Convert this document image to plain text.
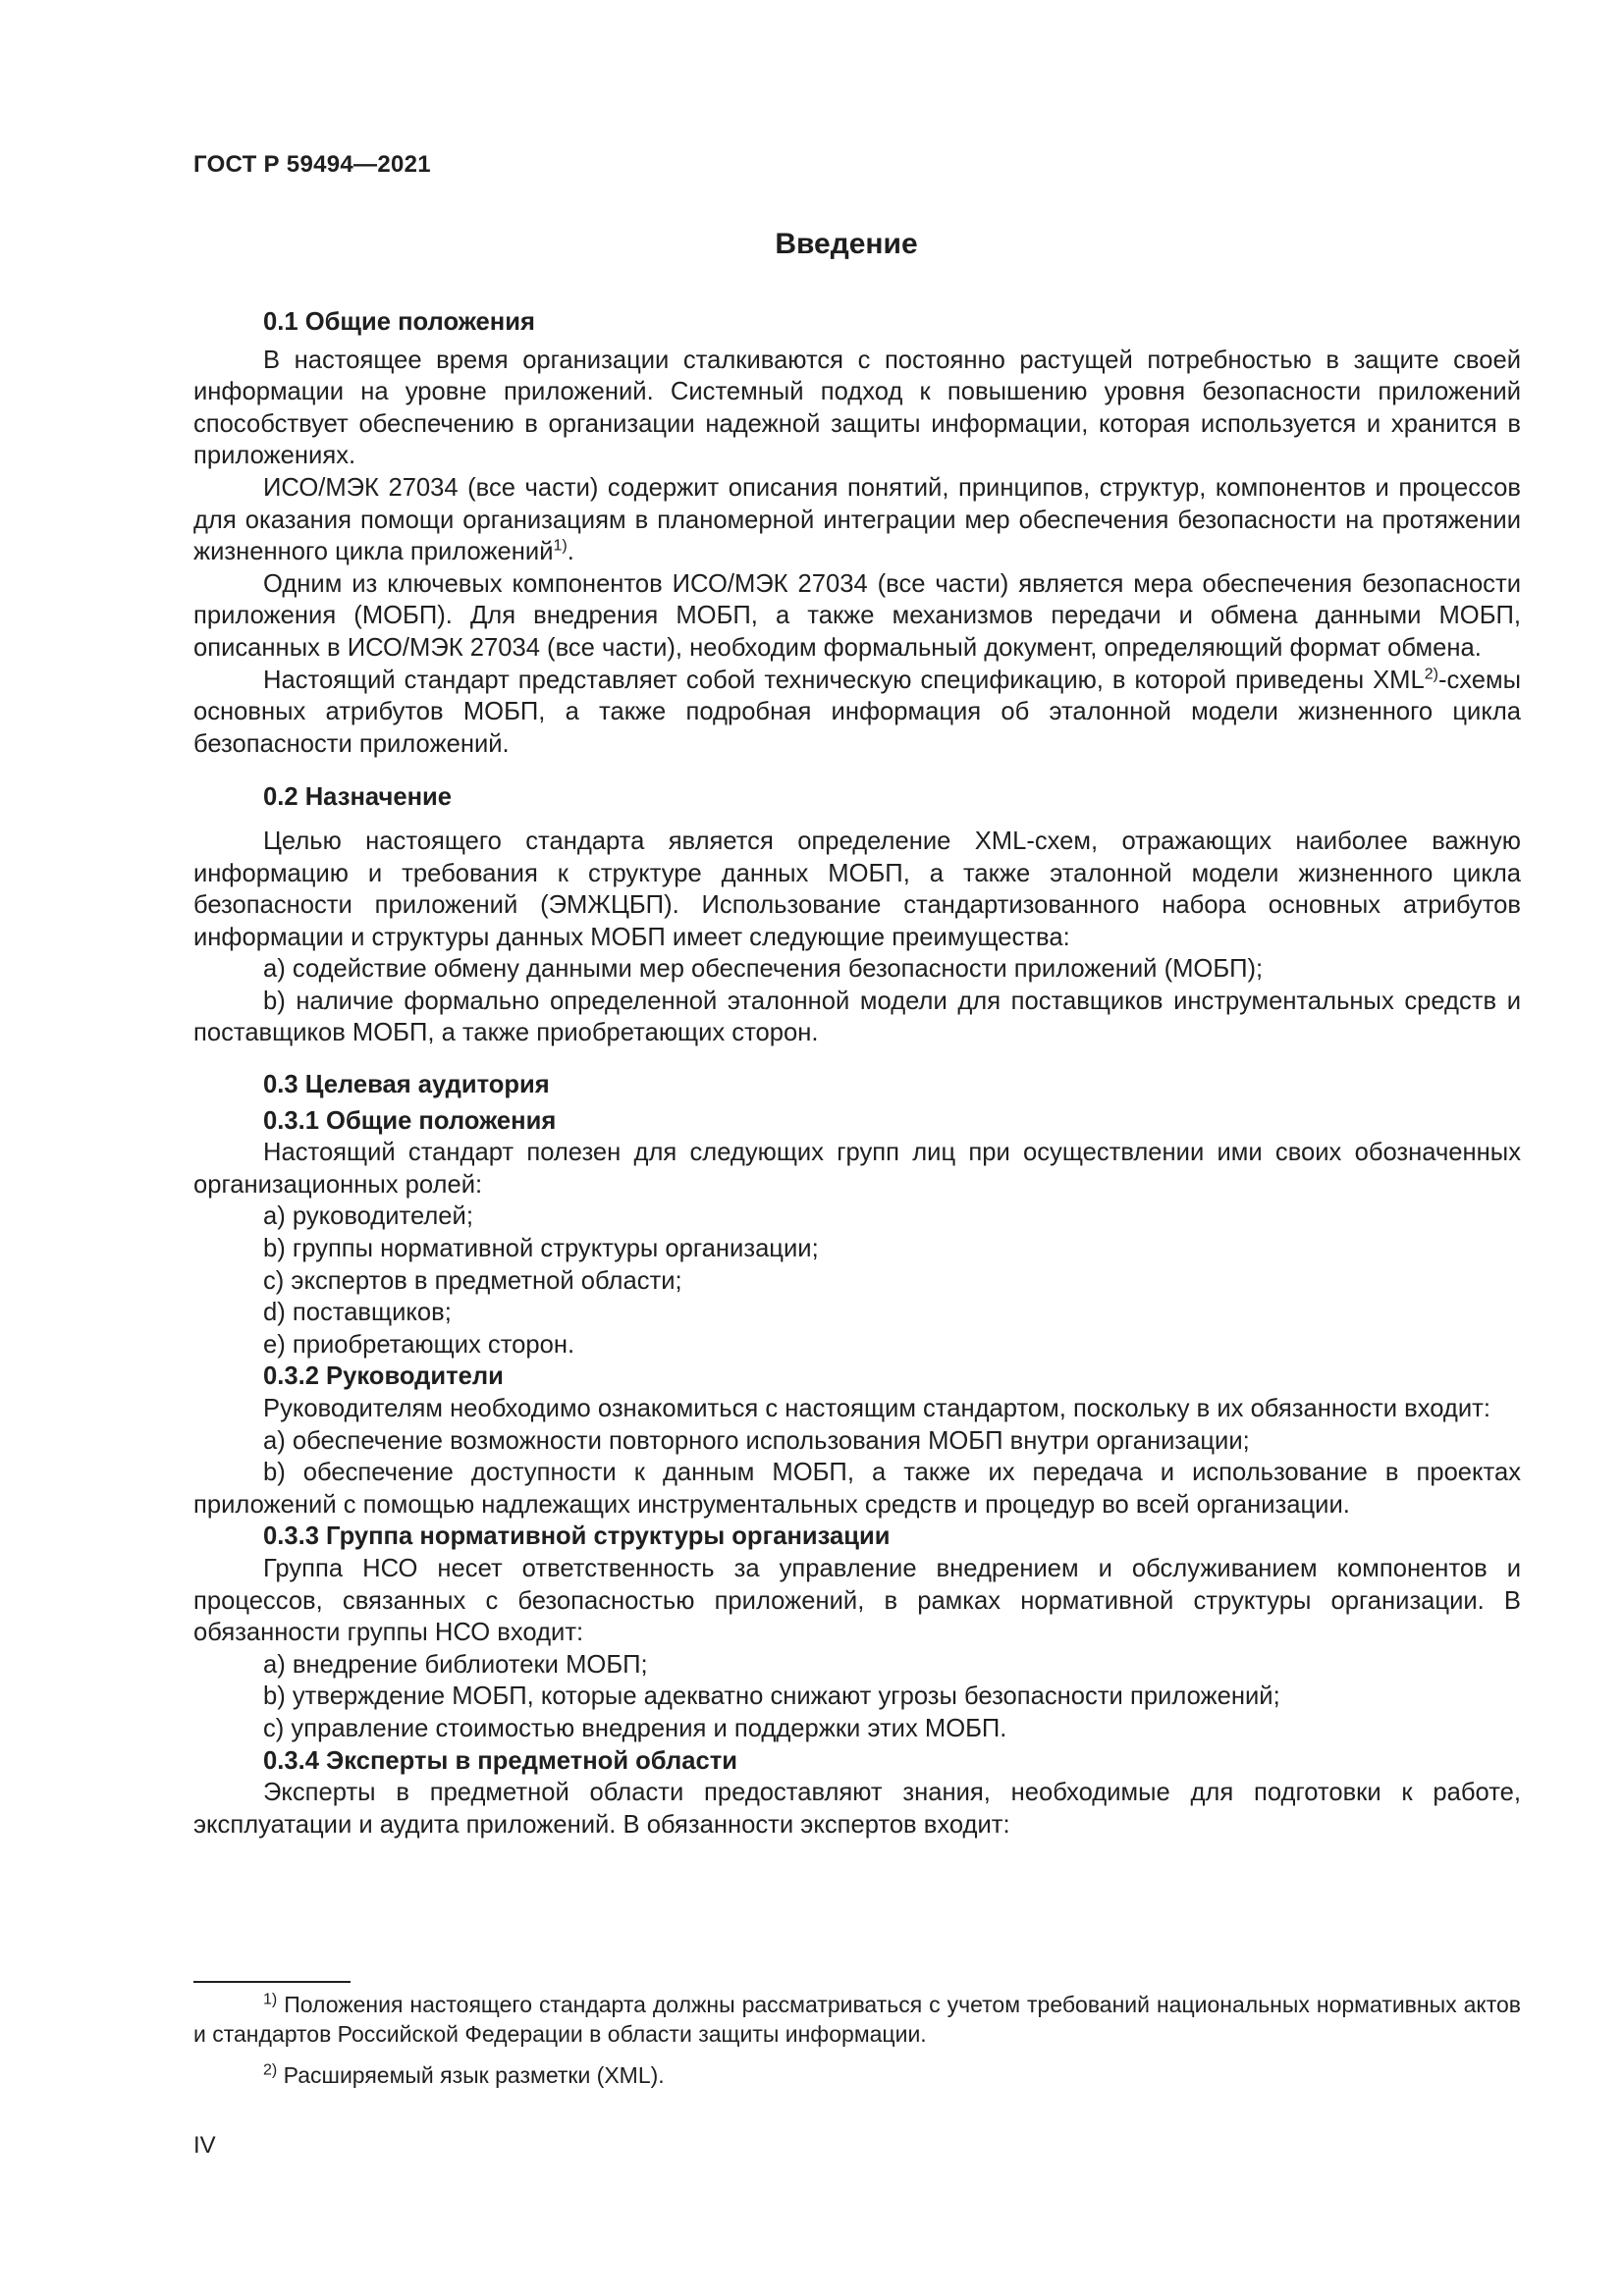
ГОСТ Р 59494—2021
Введение

0.1 Общие положения

В настоящее время организации сталкиваются с постоянно растущей потребностью в защите своей информации на уровне приложений. Системный подход к повышению уровня безопасности приложений способствует обеспечению в организации надежной защиты информации, которая используется и хранится в приложениях.

ИСО/МЭК 27034 (все части) содержит описания понятий, принципов, структур, компонентов и процессов для оказания помощи организациям в планомерной интеграции мер обеспечения безопасности на протяжении жизненного цикла приложений$^{1)}$.

Одним из ключевых компонентов ИСО/МЭК 27034 (все части) является мера обеспечения безопасности приложения (МОБП). Для внедрения МОБП, а также механизмов передачи и обмена данными МОБП, описанных в ИСО/МЭК 27034 (все части), необходим формальный документ, определяющий формат обмена.

Настоящий стандарт представляет собой техническую спецификацию, в которой приведены XML$^{2)}$-схемы основных атрибутов МОБП, а также подробная информация об эталонной модели жизненного цикла безопасности приложений.

0.2 Назначение

Целью настоящего стандарта является определение XML-схем, отражающих наиболее важную информацию и требования к структуре данных МОБП, а также эталонной модели жизненного цикла безопасности приложений (ЭМЖЦБП). Использование стандартизованного набора основных атрибутов информации и структуры данных МОБП имеет следующие преимущества:

a) содействие обмену данными мер обеспечения безопасности приложений (МОБП);

b) наличие формально определенной эталонной модели для поставщиков инструментальных средств и поставщиков МОБП, а также приобретающих сторон.

0.3 Целевая аудитория

0.3.1 Общие положения

Настоящий стандарт полезен для следующих групп лиц при осуществлении ими своих обозначенных организационных ролей:

a) руководителей;

b) группы нормативной структуры организации;

c) экспертов в предметной области;

d) поставщиков;

e) приобретающих сторон.

0.3.2 Руководители

Руководителям необходимо ознакомиться с настоящим стандартом, поскольку в их обязанности входит:

a) обеспечение возможности повторного использования МОБП внутри организации;

b) обеспечение доступности к данным МОБП, а также их передача и использование в проектах приложений с помощью надлежащих инструментальных средств и процедур во всей организации.

0.3.3 Группа нормативной структуры организации

Группа НСО несет ответственность за управление внедрением и обслуживанием компонентов и процессов, связанных с безопасностью приложений, в рамках нормативной структуры организации. В обязанности группы НСО входит:

a) внедрение библиотеки МОБП;

b) утверждение МОБП, которые адекватно снижают угрозы безопасности приложений;

c) управление стоимостью внедрения и поддержки этих МОБП.

0.3.4 Эксперты в предметной области

Эксперты в предметной области предоставляют знания, необходимые для подготовки к работе, эксплуатации и аудита приложений. В обязанности экспертов входит:

$^{1)}$ Положения настоящего стандарта должны рассматриваться с учетом требований национальных нормативных актов и стандартов Российской Федерации в области защиты информации.

$^{2)}$ Расширяемый язык разметки (XML).

IV
